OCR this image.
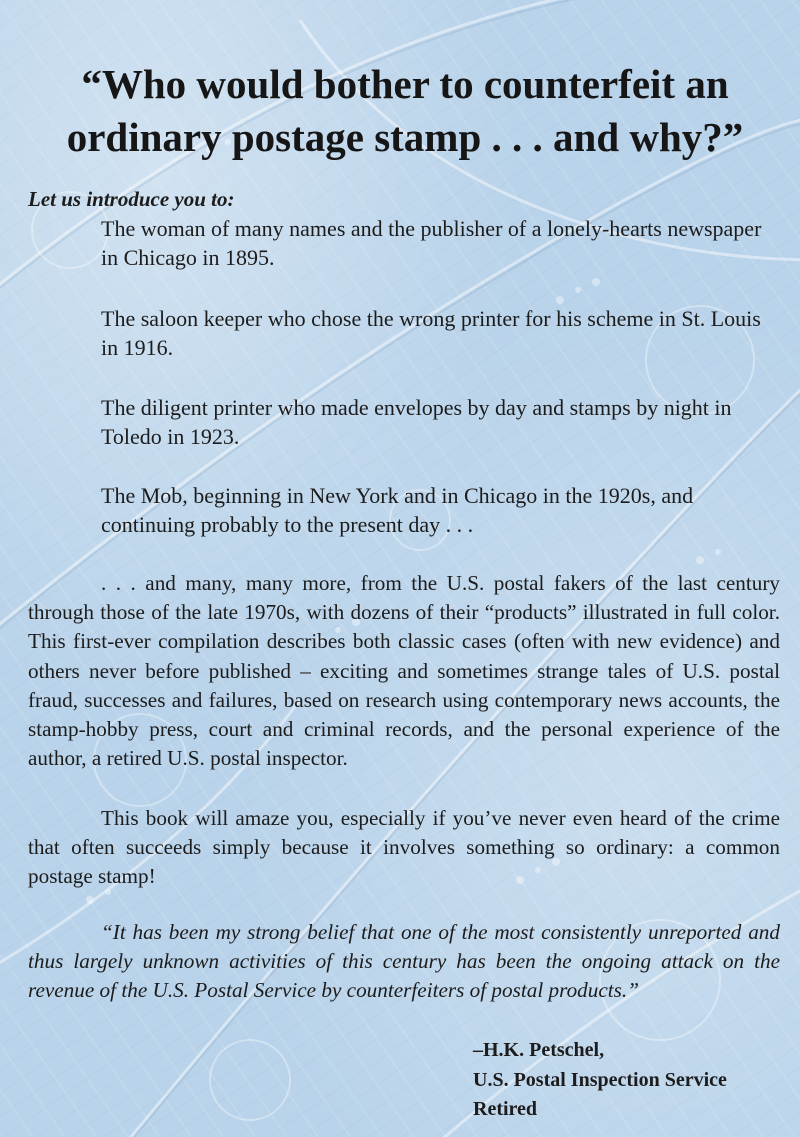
“Who would bother to counterfeit an
ordinary postage stamp . . . and why?”

Let us introduce you to:

The woman of many names and the publisher of a lonely-hearts newspaper in Chicago in 1895.

The saloon keeper who chose the wrong printer for his scheme in St. Louis in 1916.

The diligent printer who made envelopes by day and stamps by night in Toledo in 1923.

The Mob, beginning in New York and in Chicago in the 1920s, and continuing probably to the present day . . .

. . . and many, many more, from the U.S. postal fakers of the last century through those of the late 1970s, with dozens of their “products” illustrated in full color. This first-ever compilation describes both classic cases (often with new evidence) and others never before published – exciting and sometimes strange tales of U.S. postal fraud, successes and failures, based on research using contemporary news accounts, the stamp-hobby press, court and criminal records, and the personal experience of the author, a retired U.S. postal inspector.

This book will amaze you, especially if you’ve never even heard of the crime that often succeeds simply because it involves something so ordinary: a common postage stamp!

“It has been my strong belief that one of the most consistently unreported and thus largely unknown activities of this century has been the ongoing attack on the revenue of the U.S. Postal Service by counterfeiters of postal products.”

–H.K. Petschel,
U.S. Postal Inspection Service
Retired
